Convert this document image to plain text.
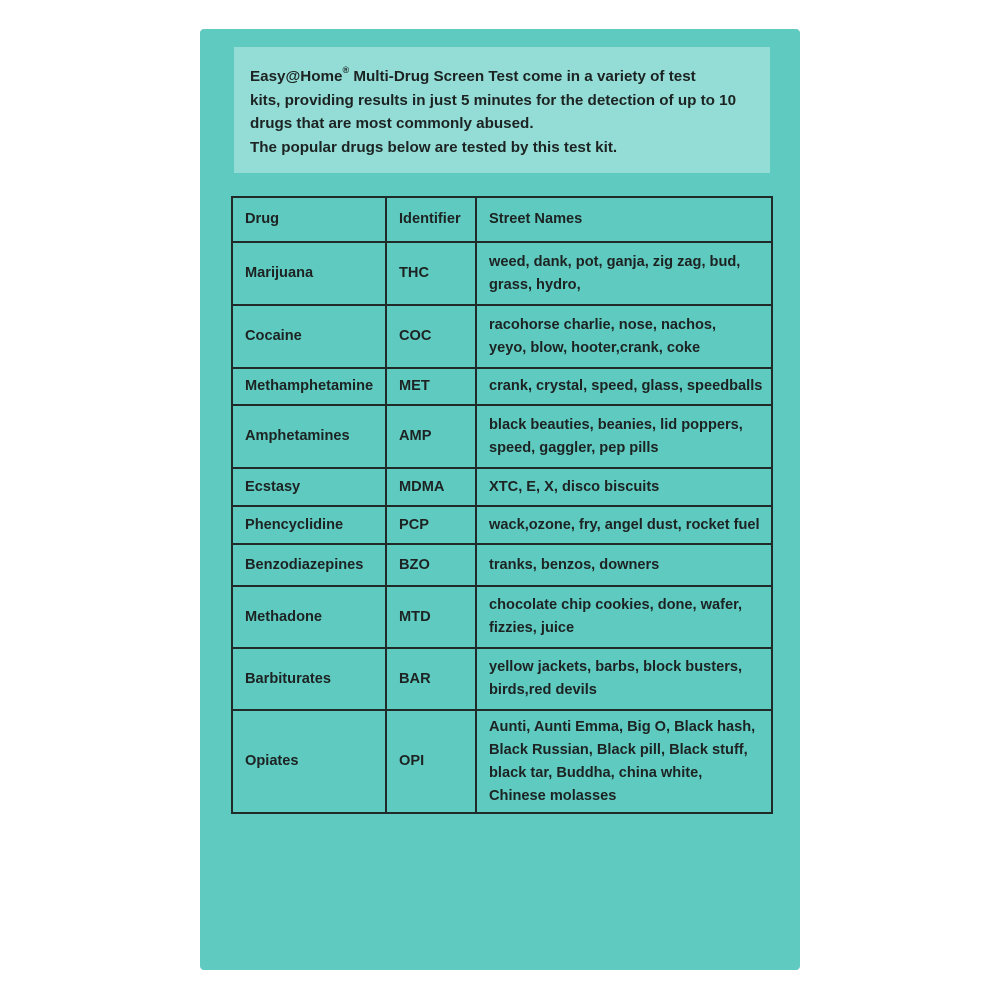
Easy@Home® Multi-Drug Screen Test come in a variety of test

kits, providing results in just 5 minutes for the detection of up to 10

drugs that are most commonly abused.

The popular drugs below are tested by this test kit.

Drug	Identifier	Street Names
Marijuana	THC	weed, dank, pot, ganja, zig zag, bud,
grass, hydro,

Cocaine	COC	racohorse charlie, nose, nachos,
yeyo, blow, hooter,crank, coke

Methamphetamine	MET	crank, crystal, speed, glass, speedballs

Amphetamines	AMP	black beauties, beanies, lid poppers,
speed, gaggler, pep pills

Ecstasy	MDMA	XTC, E, X, disco biscuits

Phencyclidine	PCP	wack,ozone, fry, angel dust, rocket fuel

Benzodiazepines	BZO	tranks, benzos, downers

Methadone	MTD	chocolate chip cookies, done, wafer,
fizzies, juice

Barbiturates	BAR	yellow jackets, barbs, block busters,
birds,red devils

Opiates	OPI	Aunti, Aunti Emma, Big O, Black hash,
Black Russian, Black pill, Black stuff,
black tar, Buddha, china white,
Chinese molasses
